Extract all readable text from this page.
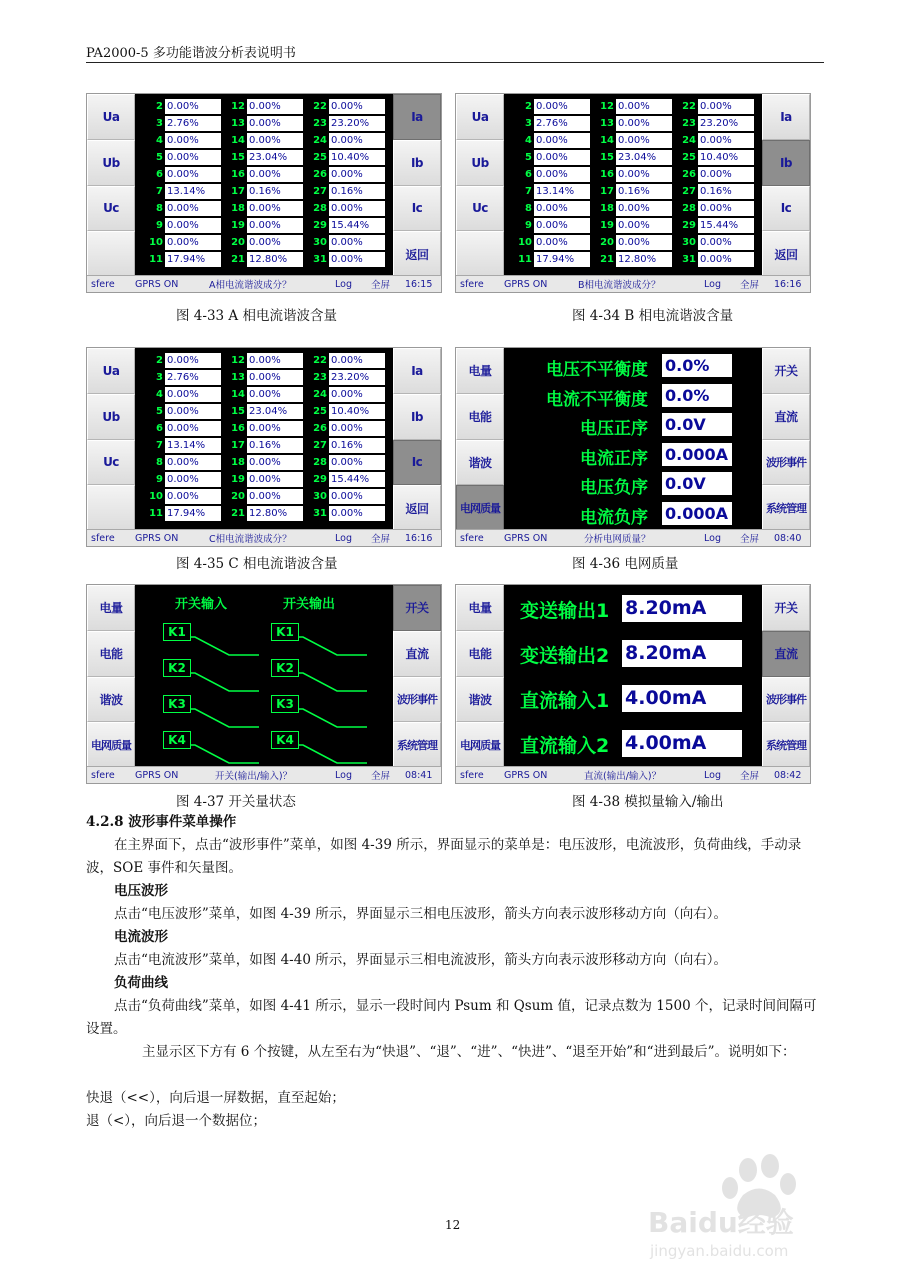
PA2000-5 多功能谐波分析表说明书
Ua
Ub
Uc
Ia
Ib
Ic
返回
2 0.00%	12 0.00%	22 0.00%
3 2.76%	13 0.00%	23 23.20%
4 0.00%	14 0.00%	24 0.00%
5 0.00%	15 23.04%	25 10.40%
6 0.00%	16 0.00%	26 0.00%
7 13.14%	17 0.16%	27 0.16%
8 0.00%	18 0.00%	28 0.00%
9 0.00%	19 0.00%	29 15.44%
10 0.00%	20 0.00%	30 0.00%
11 17.94%	21 12.80%	31 0.00%
sfere GPRS ON	A相电流谐波成分？	Log 全屏 16:15
Ua
Ub
Uc
Ia
Ib
Ic
返回
2 0.00%	12 0.00%	22 0.00%
3 2.76%	13 0.00%	23 23.20%
4 0.00%	14 0.00%	24 0.00%
5 0.00%	15 23.04%	25 10.40%
6 0.00%	16 0.00%	26 0.00%
7 13.14%	17 0.16%	27 0.16%
8 0.00%	18 0.00%	28 0.00%
9 0.00%	19 0.00%	29 15.44%
10 0.00%	20 0.00%	30 0.00%
11 17.94%	21 12.80%	31 0.00%
sfere GPRS ON	B相电流谐波成分？	Log 全屏 16:16
图 4-33 A 相电流谐波含量	图 4-34 B 相电流谐波含量
Ua
Ub
Uc
Ia
Ib
Ic
返回
2 0.00%	12 0.00%	22 0.00%
3 2.76%	13 0.00%	23 23.20%
4 0.00%	14 0.00%	24 0.00%
5 0.00%	15 23.04%	25 10.40%
6 0.00%	16 0.00%	26 0.00%
7 13.14%	17 0.16%	27 0.16%
8 0.00%	18 0.00%	28 0.00%
9 0.00%	19 0.00%	29 15.44%
10 0.00%	20 0.00%	30 0.00%
11 17.94%	21 12.80%	31 0.00%
sfere GPRS ON	C相电流谐波成分？	Log 全屏 16:16
电量
电能
谐波
电网质量
开关
直流
波形事件
系统管理
电压不平衡度 0.0%
电流不平衡度 0.0%
电压正序 0.0V
电流正序 0.000A
电压负序 0.0V
电流负序 0.000A
sfere GPRS ON	分析电网质量？	Log 全屏 08:40
图 4-35 C 相电流谐波含量	图 4-36 电网质量
电量
电能
谐波
电网质量
开关
直流
波形事件
系统管理
开关输入	开关输出
K1	K1
K2	K2
K3	K3
K4	K4
sfere GPRS ON	开关(输出/输入)？	Log 全屏 08:41
电量
电能
谐波
电网质量
开关
直流
波形事件
系统管理
变送输出1 8.20mA
变送输出2 8.20mA
直流输入1 4.00mA
直流输入2 4.00mA
sfere GPRS ON	直流(输出/输入)？	Log 全屏 08:42
图 4-37 开关量状态	图 4-38 模拟量输入/输出
4.2.8 波形事件菜单操作
在主界面下，点击“波形事件”菜单，如图 4-39 所示，界面显示的菜单是：电压波形，电流波形，负荷曲线，手动录波，SOE 事件和矢量图。
电压波形
点击“电压波形”菜单，如图 4-39 所示，界面显示三相电压波形，箭头方向表示波形移动方向（向右）。
电流波形
点击“电流波形”菜单，如图 4-40 所示，界面显示三相电流波形，箭头方向表示波形移动方向（向右）。
负荷曲线
点击“负荷曲线”菜单，如图 4-41 所示，显示一段时间内 Psum 和 Qsum 值，记录点数为 1500 个，记录时间间隔可设置。
主显示区下方有 6 个按键，从左至右为“快退”、“退”、“进”、“快进”、“退至开始”和“进到最后”。说明如下：
快退（<<），向后退一屏数据，直至起始；
退（<），向后退一个数据位；
12	Baidu经验
jingyan.baidu.com
